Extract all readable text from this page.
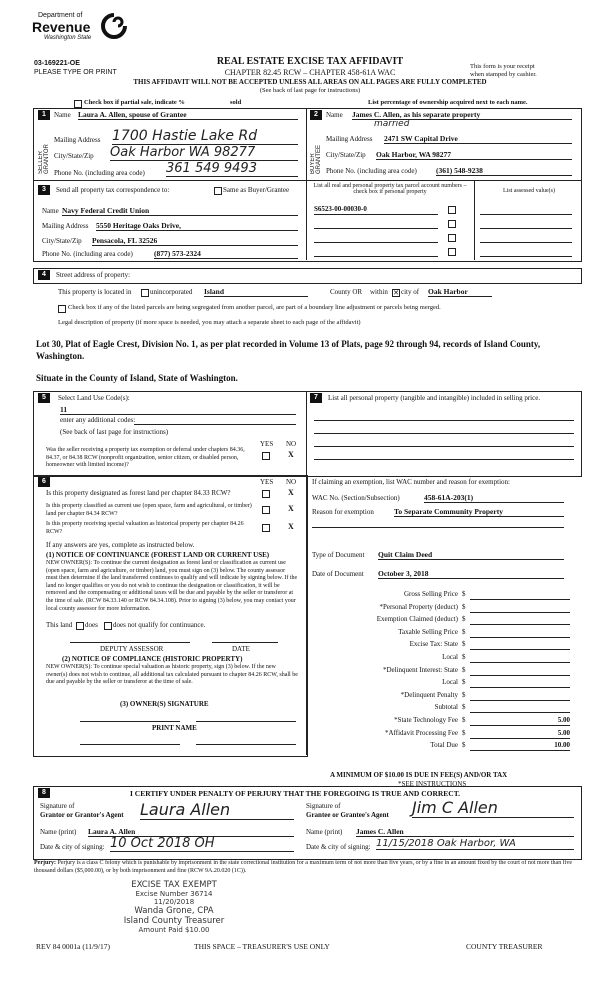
Department of
Revenue
Washington State
03-169221-OE
PLEASE TYPE OR PRINT
REAL ESTATE EXCISE TAX AFFIDAVIT
CHAPTER 82.45 RCW – CHAPTER 458-61A WAC
THIS AFFIDAVIT WILL NOT BE ACCEPTED UNLESS ALL AREAS ON ALL PAGES ARE FULLY COMPLETED
(See back of last page for instructions)
This form is your receipt
when stamped by cashier.
Check box if partial sale, indicate %	sold	List percentage of ownership acquired next to each name.
1
SELLER GRANTOR
Name Laura A. Allen, spouse of Grantee
Mailing Address 1700 Hastie Lake Rd
City/State/Zip Oak Harbor WA 98277
Phone No. (including area code) 361 549 9493
2
BUYER GRANTEE
Name James C. Allen, as his separate property
married
Mailing Address 2471 SW Capital Drive
City/State/Zip Oak Harbor, WA 98277
Phone No. (including area code)	(361) 548-9238
3	Send all property tax correspondence to:	Same as Buyer/Grantee
Name Navy Federal Credit Union
Mailing Address 5550 Heritage Oaks Drive,
City/State/Zip Pensacola, FL 32526
Phone No. (including area code)	(877) 573-2324
List all real and personal property tax parcel account numbers – check box if personal property	List assessed value(s)
S6523-00-00030-0
4	Street address of property:
This property is located in	unincorporated Island	County OR within ✕ city of Oak Harbor
Check box if any of the listed parcels are being segregated from another parcel, are part of a boundary line adjustment or parcels being merged.
Legal description of property (if more space is needed, you may attach a separate sheet to each page of the affidavit)
Lot 30, Plat of Eagle Crest, Division No. 1, as per plat recorded in Volume 13 of Plats, page 92 through 94, records of Island County, Washington.
Situate in the County of Island, State of Washington.
5	Select Land Use Code(s):
11
enter any additional codes:
(See back of last page for instructions)
YES NO
Was the seller receiving a property tax exemption or deferral under chapters 84.36, 84.37, or 84.38 RCW (nonprofit organization, senior citizen, or disabled person, homeowner with limited income)?
X
7	List all personal property (tangible and intangible) included in selling price.
6	YES NO
Is this property designated as forest land per chapter 84.33 RCW?	X
Is this property classified as current use (open space, farm and agricultural, or timber) land per chapter 84.34 RCW?
X
Is this property receiving special valuation as historical property per chapter 84.26 RCW?
X
If any answers are yes, complete as instructed below.
(1) NOTICE OF CONTINUANCE (FOREST LAND OR CURRENT USE)
NEW OWNER(S): To continue the current designation as forest land or classification as current use (open space, farm and agriculture, or timber) land, you must sign on (3) below. The county assessor must then determine if the land transferred continues to qualify and will indicate by signing below. If the land no longer qualifies or you do not wish to continue the designation or classification, it will be removed and the compensating or additional taxes will be due and payable by the seller or transferor at the time of sale. (RCW 84.33.140 or RCW 84.34.108). Prior to signing (3) below, you may contact your local county assessor for more information.
This land does does not qualify for continuance.
DEPUTY ASSESSOR	DATE
(2) NOTICE OF COMPLIANCE (HISTORIC PROPERTY)
NEW OWNER(S): To continue special valuation as historic property, sign (3) below. If the new owner(s) does not wish to continue, all additional tax calculated pursuant to chapter 84.26 RCW, shall be due and payable by the seller or transferor at the time of sale.
(3) OWNER(S) SIGNATURE
PRINT NAME
If claiming an exemption, list WAC number and reason for exemption:
WAC No. (Section/Subsection)	458-61A-203(1)
Reason for exemption	To Separate Community Property
Type of Document Quit Claim Deed
Date of Document October 3, 2018
Gross Selling Price $
*Personal Property (deduct) $
Exemption Claimed (deduct) $
Taxable Selling Price $
Excise Tax: State $
Local $
*Delinquent Interest: State $
Local $
*Delinquent Penalty $
Subtotal $
*State Technology Fee $	5.00
*Affidavit Processing Fee $	5.00
Total Due $	10.00
A MINIMUM OF $10.00 IS DUE IN FEE(S) AND/OR TAX
*SEE INSTRUCTIONS
8	I CERTIFY UNDER PENALTY OF PERJURY THAT THE FOREGOING IS TRUE AND CORRECT.
Signature of
Grantor or Grantor's Agent Laura Allen
Name (print) Laura A. Allen
Date & city of signing: 10 Oct 2018 OH
Signature of
Grantee or Grantee's Agent Jim C Allen
Name (print) James C. Allen
Date & city of signing: 11/15/2018 Oak Harbor, WA
Perjury: Perjury is a class C felony which is punishable by imprisonment in the state correctional institution for a maximum term of not more than five years, or by a fine in an amount fixed by the court of not more than five thousand dollars ($5,000.00), or by both imprisonment and fine (RCW 9A.20.020 (1C)).
EXCISE TAX EXEMPT
Excise Number 36714
11/20/2018
Wanda Grone, CPA
Island County Treasurer
Amount Paid $10.00
REV 84 0001a (11/9/17)	THIS SPACE – TREASURER'S USE ONLY	COUNTY TREASURER
